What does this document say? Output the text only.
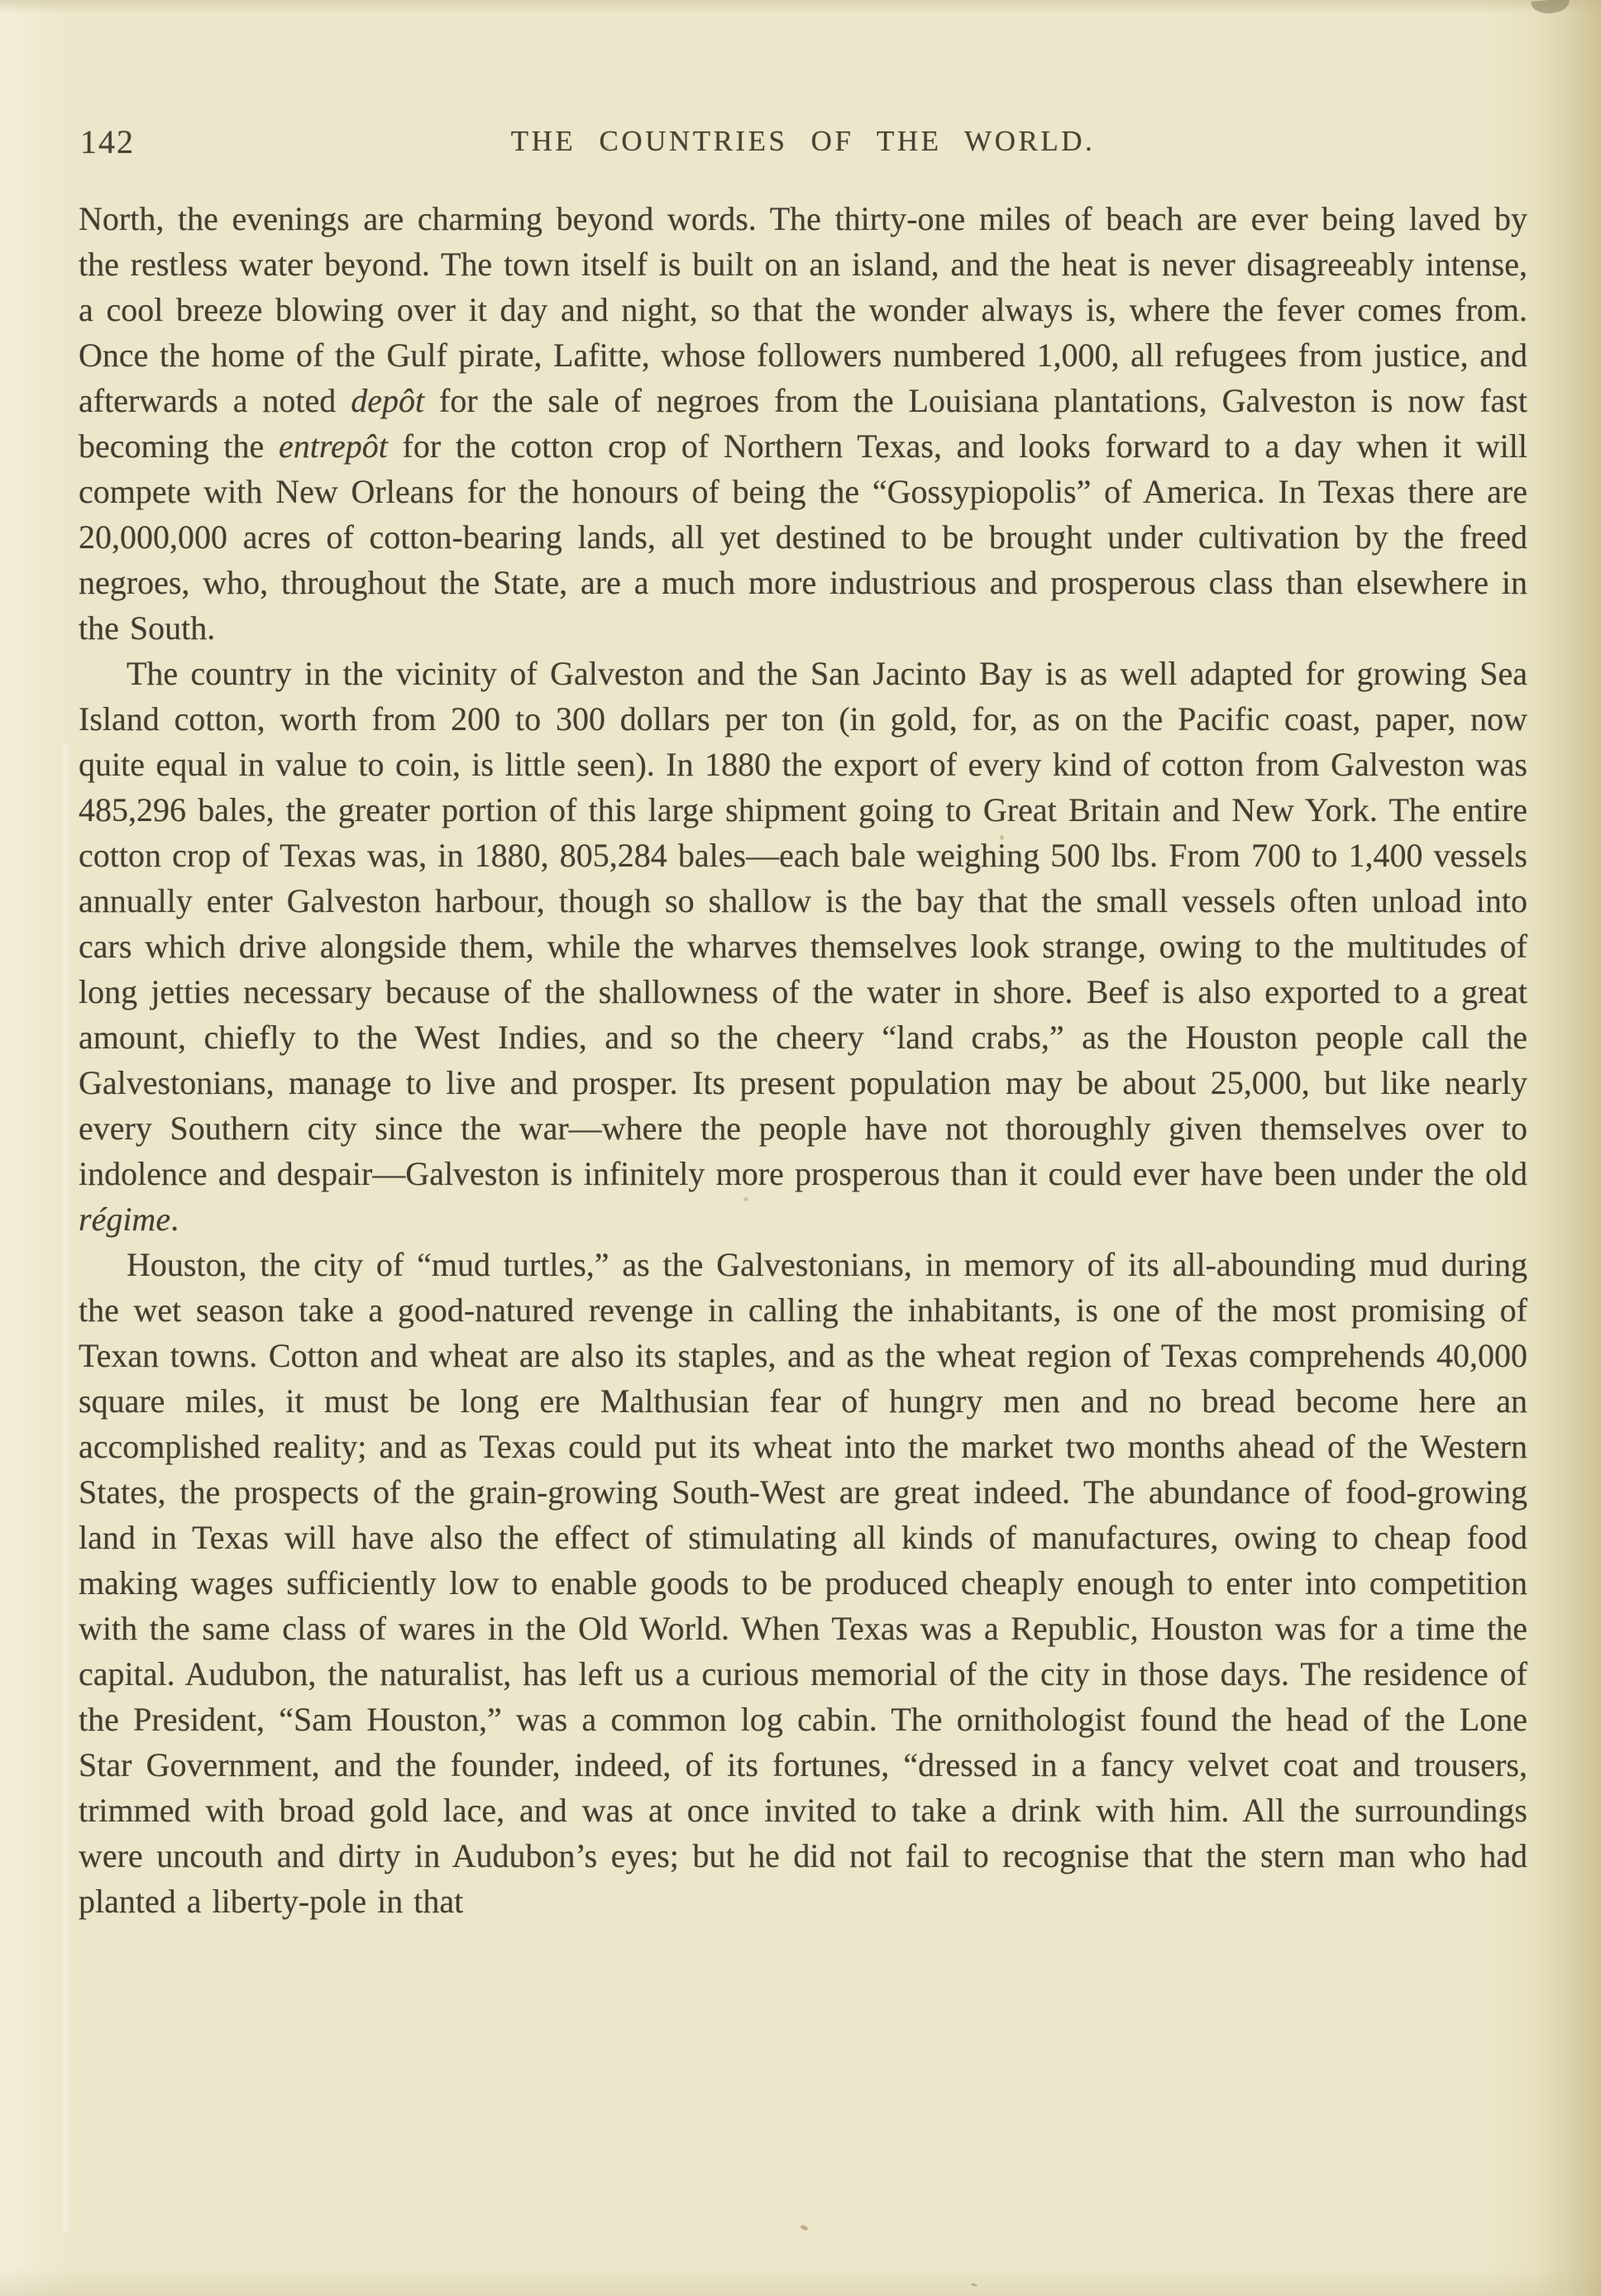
142	THE COUNTRIES OF THE WORLD.

North, the evenings are charming beyond words. The thirty-one miles of beach are ever being laved by the restless water beyond. The town itself is built on an island, and the heat is never disagreeably intense, a cool breeze blowing over it day and night, so that the wonder always is, where the fever comes from. Once the home of the Gulf pirate, Lafitte, whose followers numbered 1,000, all refugees from justice, and afterwards a noted depôt for the sale of negroes from the Louisiana plantations, Galveston is now fast becoming the entrepôt for the cotton crop of Northern Texas, and looks forward to a day when it will compete with New Orleans for the honours of being the “Gossypiopolis” of America. In Texas there are 20,000,000 acres of cotton-bearing lands, all yet destined to be brought under cultivation by the freed negroes, who, throughout the State, are a much more industrious and prosperous class than elsewhere in the South.

The country in the vicinity of Galveston and the San Jacinto Bay is as well adapted for growing Sea Island cotton, worth from 200 to 300 dollars per ton (in gold, for, as on the Pacific coast, paper, now quite equal in value to coin, is little seen). In 1880 the export of every kind of cotton from Galveston was 485,296 bales, the greater portion of this large shipment going to Great Britain and New York. The entire cotton crop of Texas was, in 1880, 805,284 bales—each bale weighing 500 lbs. From 700 to 1,400 vessels annually enter Galveston harbour, though so shallow is the bay that the small vessels often unload into cars which drive alongside them, while the wharves themselves look strange, owing to the multitudes of long jetties necessary because of the shallowness of the water in shore. Beef is also exported to a great amount, chiefly to the West Indies, and so the cheery “land crabs,” as the Houston people call the Galvestonians, manage to live and prosper. Its present population may be about 25,000, but like nearly every Southern city since the war—where the people have not thoroughly given themselves over to indolence and despair—Galveston is infinitely more prosperous than it could ever have been under the old régime.

Houston, the city of “mud turtles,” as the Galvestonians, in memory of its all-abounding mud during the wet season take a good-natured revenge in calling the inhabitants, is one of the most promising of Texan towns. Cotton and wheat are also its staples, and as the wheat region of Texas comprehends 40,000 square miles, it must be long ere Malthusian fear of hungry men and no bread become here an accomplished reality; and as Texas could put its wheat into the market two months ahead of the Western States, the prospects of the grain-growing South-West are great indeed. The abundance of food-growing land in Texas will have also the effect of stimulating all kinds of manufactures, owing to cheap food making wages sufficiently low to enable goods to be produced cheaply enough to enter into competition with the same class of wares in the Old World. When Texas was a Republic, Houston was for a time the capital. Audubon, the naturalist, has left us a curious memorial of the city in those days. The residence of the President, “Sam Houston,” was a common log cabin. The ornithologist found the head of the Lone Star Government, and the founder, indeed, of its fortunes, “dressed in a fancy velvet coat and trousers, trimmed with broad gold lace, and was at once invited to take a drink with him. All the surroundings were uncouth and dirty in Audubon’s eyes; but he did not fail to recognise that the stern man who had planted a liberty-pole in that
